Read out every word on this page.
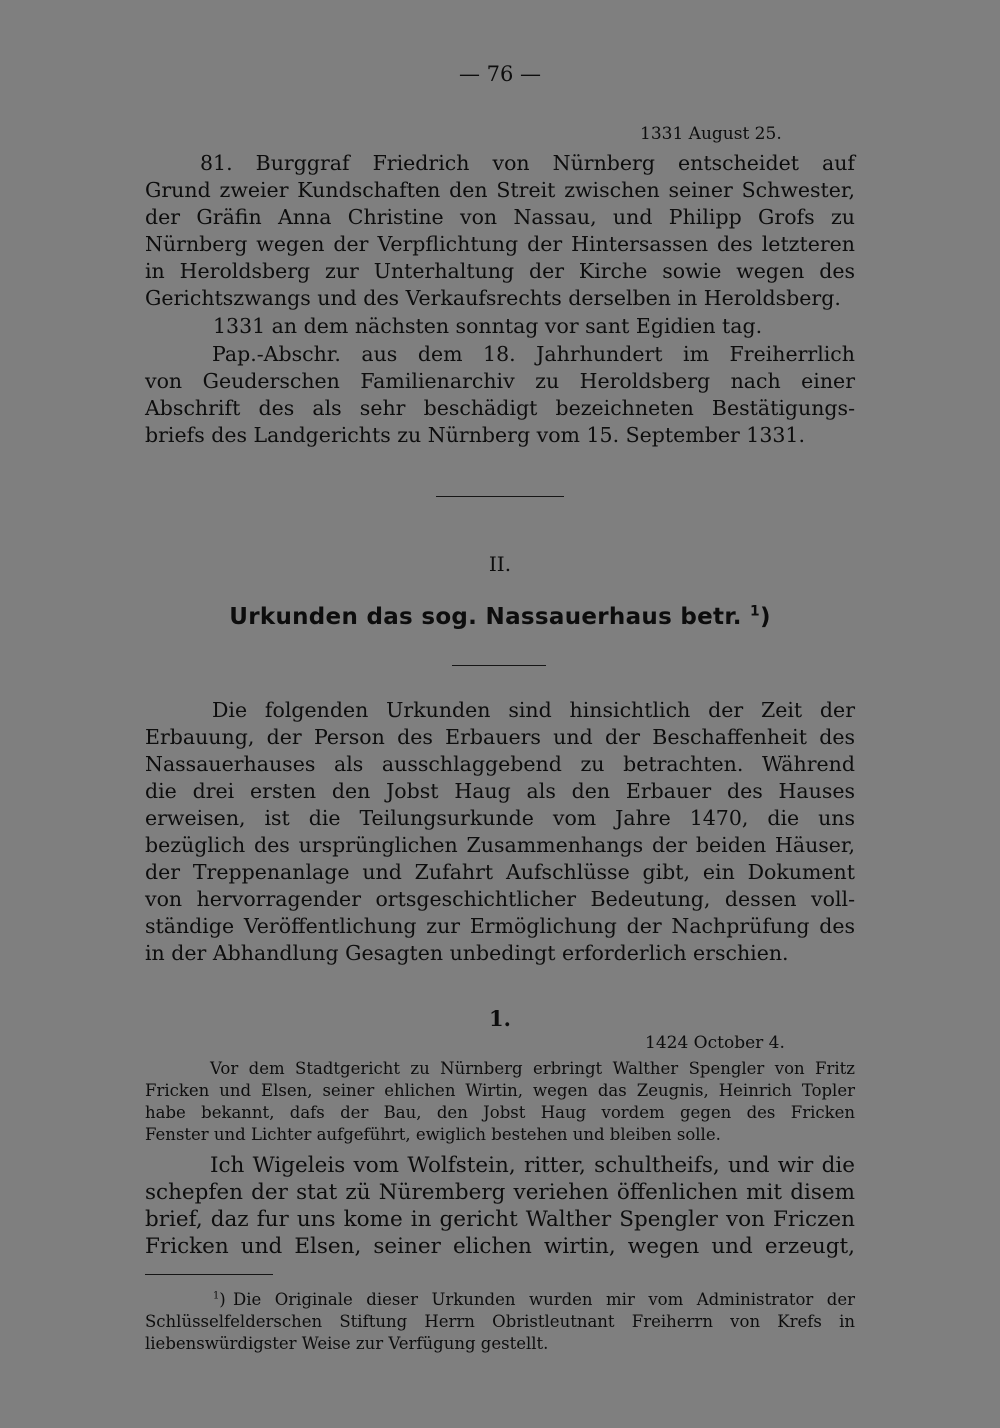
— 76 —
1331 August 25.
81. Burggraf Friedrich von Nürnberg entscheidet auf
Grund zweier Kundschaften den Streit zwischen seiner Schwester,
der Gräfin Anna Christine von Nassau, und Philipp Grofs zu
Nürnberg wegen der Verpflichtung der Hintersassen des letzteren
in Heroldsberg zur Unterhaltung der Kirche sowie wegen des
Gerichtszwangs und des Verkaufsrechts derselben in Heroldsberg.
1331 an dem nächsten sonntag vor sant Egidien tag.
Pap.-Abschr. aus dem 18. Jahrhundert im Freiherrlich
von Geuderschen Familienarchiv zu Heroldsberg nach einer
Abschrift des als sehr beschädigt bezeichneten Bestätigungs-
briefs des Landgerichts zu Nürnberg vom 15. September 1331.
II.
Urkunden das sog. Nassauerhaus betr. $^1$)
Die folgenden Urkunden sind hinsichtlich der Zeit der
Erbauung, der Person des Erbauers und der Beschaffenheit des
Nassauerhauses als ausschlaggebend zu betrachten. Während
die drei ersten den Jobst Haug als den Erbauer des Hauses
erweisen, ist die Teilungsurkunde vom Jahre 1470, die uns
bezüglich des ursprünglichen Zusammenhangs der beiden Häuser,
der Treppenanlage und Zufahrt Aufschlüsse gibt, ein Dokument
von hervorragender ortsgeschichtlicher Bedeutung, dessen voll-
ständige Veröffentlichung zur Ermöglichung der Nachprüfung des
in der Abhandlung Gesagten unbedingt erforderlich erschien.
1.
1424 October 4.
Vor dem Stadtgericht zu Nürnberg erbringt Walther Spengler von Fritz
Fricken und Elsen, seiner ehlichen Wirtin, wegen das Zeugnis, Heinrich Topler
habe bekannt, dafs der Bau, den Jobst Haug vordem gegen des Fricken
Fenster und Lichter aufgeführt, ewiglich bestehen und bleiben solle.
Ich Wigeleis vom Wolfstein, ritter, schultheifs, und wir die
schepfen der stat zü Nüremberg veriehen öffenlichen mit disem
brief, daz fur uns kome in gericht Walther Spengler von Friczen
Fricken und Elsen, seiner elichen wirtin, wegen und erzeugt,
$^1$) Die Originale dieser Urkunden wurden mir vom Administrator der
Schlüsselfelderschen Stiftung Herrn Obristleutnant Freiherrn von Krefs in
liebenswürdigster Weise zur Verfügung gestellt.
